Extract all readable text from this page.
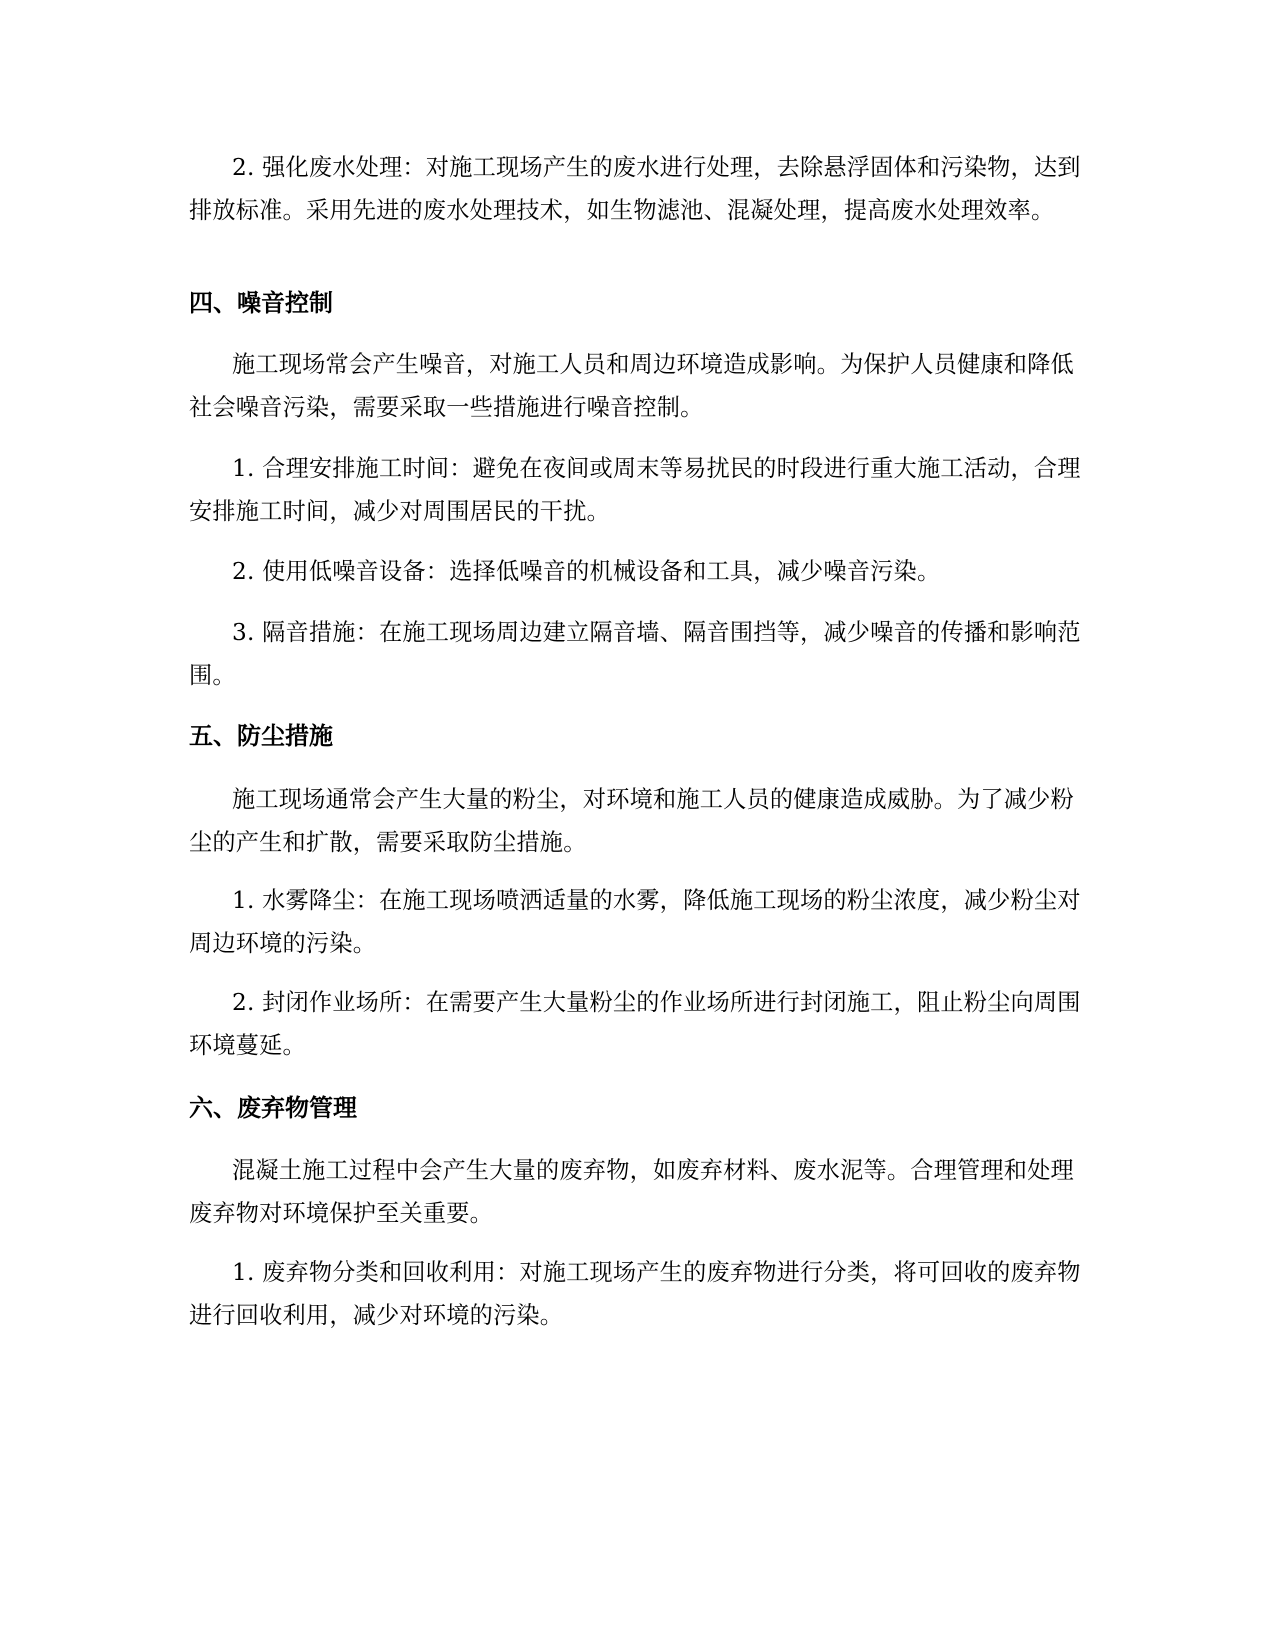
2. 强化废水处理：对施工现场产生的废水进行处理，去除悬浮固体和污染物，达到排放标准。采用先进的废水处理技术，如生物滤池、混凝处理，提高废水处理效率。

四、噪音控制

施工现场常会产生噪音，对施工人员和周边环境造成影响。为保护人员健康和降低社会噪音污染，需要采取一些措施进行噪音控制。

1. 合理安排施工时间：避免在夜间或周末等易扰民的时段进行重大施工活动，合理安排施工时间，减少对周围居民的干扰。

2. 使用低噪音设备：选择低噪音的机械设备和工具，减少噪音污染。

3. 隔音措施：在施工现场周边建立隔音墙、隔音围挡等，减少噪音的传播和影响范围。

五、防尘措施

施工现场通常会产生大量的粉尘，对环境和施工人员的健康造成威胁。为了减少粉尘的产生和扩散，需要采取防尘措施。

1. 水雾降尘：在施工现场喷洒适量的水雾，降低施工现场的粉尘浓度，减少粉尘对周边环境的污染。

2. 封闭作业场所：在需要产生大量粉尘的作业场所进行封闭施工，阻止粉尘向周围环境蔓延。

六、废弃物管理

混凝土施工过程中会产生大量的废弃物，如废弃材料、废水泥等。合理管理和处理废弃物对环境保护至关重要。

1. 废弃物分类和回收利用：对施工现场产生的废弃物进行分类，将可回收的废弃物进行回收利用，减少对环境的污染。
